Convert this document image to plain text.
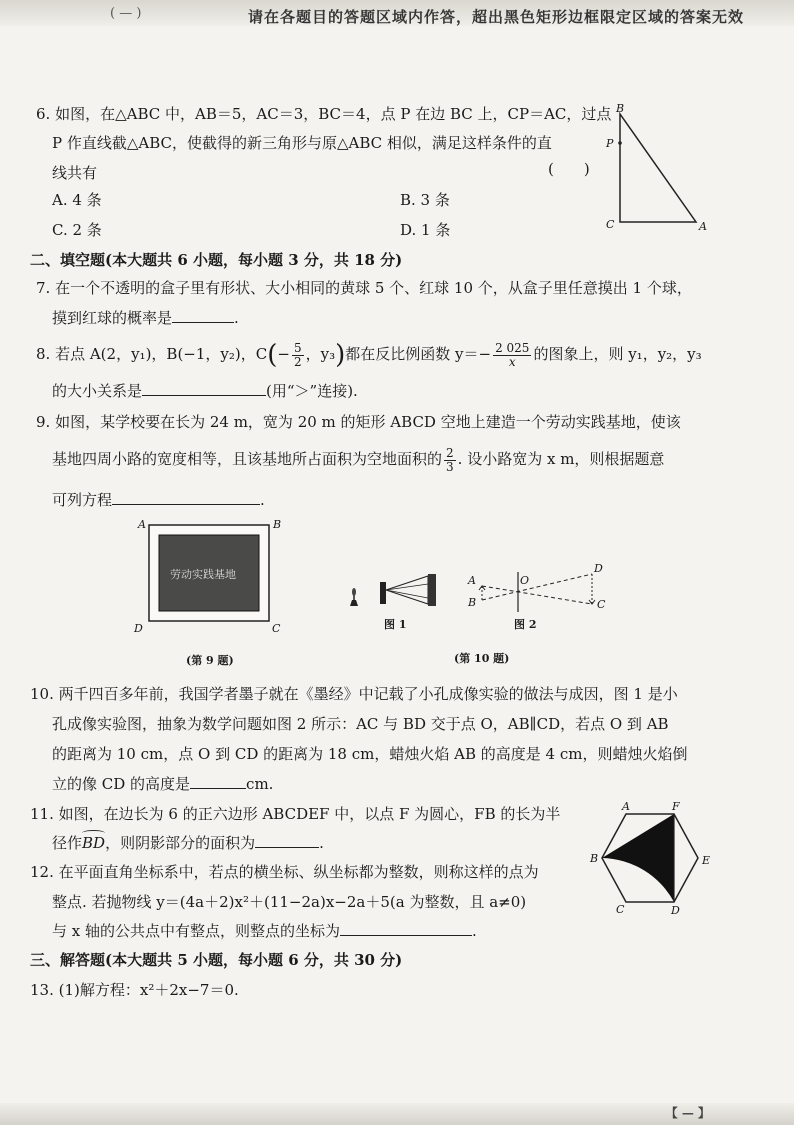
( — )	请在各题目的答题区域内作答，超出黑色矩形边框限定区域的答案无效
6. 如图，在△ABC 中，AB＝5，AC＝3，BC＝4，点 P 在边 BC 上，CP＝AC，过点
P 作直线截△ABC，使截得的新三角形与原△ABC 相似，满足这样条件的直
线共有	(　　)
A. 4 条	B. 3 条
C. 2 条	D. 1 条
B
P
C	A
二、填空题(本大题共 6 小题，每小题 3 分，共 18 分)
7. 在一个不透明的盒子里有形状、大小相同的黄球 5 个、红球 10 个，从盒子里任意摸出 1 个球，
摸到红球的概率是	.
8. 若点 A(2，y₁)，B(−1，y₂)，$C(- \frac{5}{2}$ ，y₃)都在反比例函数 $y=- \frac{2 025}{x}$ 的图象上，则 y₁，y₂，y₃
的大小关系是	(用“＞”连接).
9. 如图，某学校要在长为 24 m，宽为 20 m 的矩形 ABCD 空地上建造一个劳动实践基地，使该
基地四周小路的宽度相等，且该基地所占面积为空地面积的 $\frac{2}{3}$ . 设小路宽为 x m，则根据题意
可列方程	.
A	B
D	C
劳动实践基地
(第 9 题)
图 1
A
B
O
D
C
图 2
(第 10 题)
10. 两千四百多年前，我国学者墨子就在《墨经》中记载了小孔成像实验的做法与成因，图 1 是小
孔成像实验图，抽象为数学问题如图 2 所示：AC 与 BD 交于点 O，AB∥CD，若点 O 到 AB
的距离为 10 cm，点 O 到 CD 的距离为 18 cm，蜡烛火焰 AB 的高度是 4 cm，则蜡烛火焰倒
立的像 CD 的高度是	cm.
11. 如图，在边长为 6 的正六边形 ABCDEF 中，以点 F 为圆心，FB 的长为半
径作
BD，则阴影部分的面积为	.
A	F
B	E
C	D
12. 在平面直角坐标系中，若点的横坐标、纵坐标都为整数，则称这样的点为
整点. 若抛物线 y＝(4a＋2)x²＋(11−2a)x−2a＋5(a 为整数，且 a≠0)
与 x 轴的公共点中有整点，则整点的坐标为	.
三、解答题(本大题共 5 小题，每小题 6 分，共 30 分)
13. (1)解方程：x²＋2x−7＝0.
【 — 】
